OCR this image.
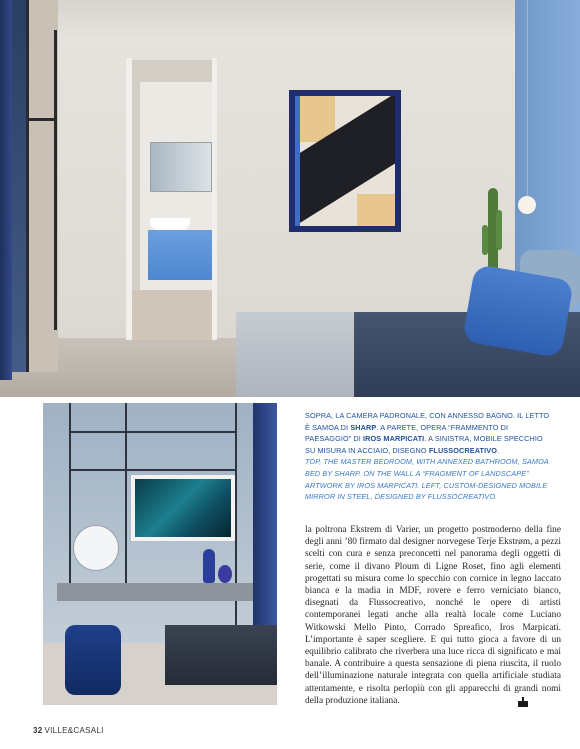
SOPRA, LA CAMERA PADRONALE, CON ANNESSO BAGNO. IL LETTO È SAMOA DI SHARP. A PARETE, OPERA “FRAMMENTO DI PAESAGGIO” DI IROS MARPICATI. A SINISTRA, MOBILE SPECCHIO SU MISURA IN ACCIAIO, DISEGNO FLUSSOCREATIVO.

TOP, THE MASTER BEDROOM, WITH ANNEXED BATHROOM, SAMOA BED BY SHARP. ON THE WALL A “FRAGMENT OF LANDSCAPE” ARTWORK BY IROS MARPICATI. LEFT, CUSTOM-DESIGNED MOBILE MIRROR IN STEEL, DESIGNED BY FLUSSOCREATIVO.

la poltrona Ekstrem di Varier, un progetto postmoderno della fine degli anni ’80 firmato dal designer norvegese Terje Ekstrøm, a pezzi scelti con cura e senza preconcetti nel panorama degli oggetti di serie, come il divano Ploum di Ligne Roset, fino agli elementi progettati su misura come lo specchio con cornice in legno laccato bianca e la madia in MDF, rovere e ferro verniciato bianco, disegnati da Flussocreativo, nonché le opere di artisti contemporanei legati anche alla realtà locale come Luciano Witkowski Mello Pinto, Corrado Spreafico, Iros Marpicati. L’importante è saper scegliere. E qui tutto gioca a favore di un equilibrio calibrato che riverbera una luce ricca di significato e mai banale. A contribuire a questa sensazione di piena riuscita, il ruolo dell’illuminazione naturale integrata con quella artificiale studiata attentamente, e risolta perlopiù con gli apparecchi di grandi nomi della produzione italiana.

32 VILLE&CASALI
